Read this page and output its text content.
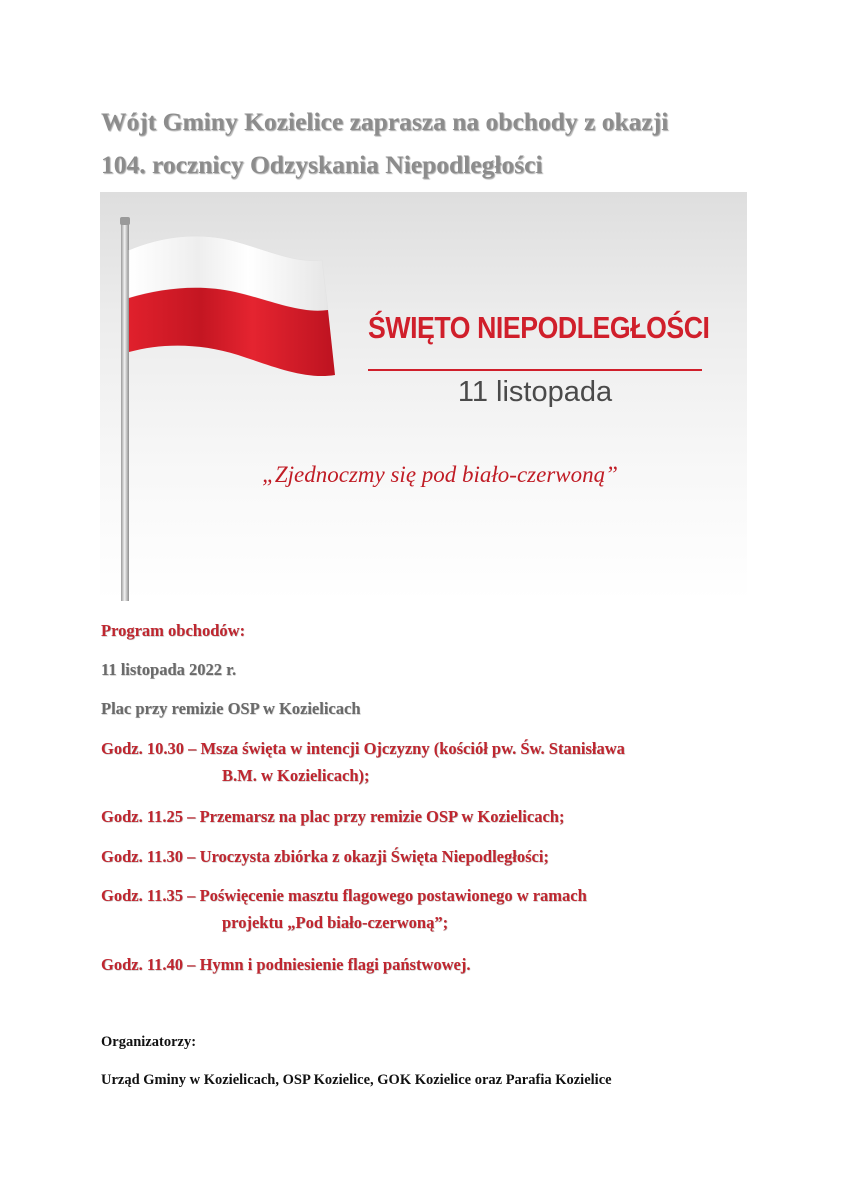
Wójt Gminy Kozielice zaprasza na obchody z okazji
104. rocznicy Odzyskania Niepodległości
ŚWIĘTO NIEPODLEGŁOŚCI
11 listopada
„Zjednoczmy się pod biało-czerwoną”
Program obchodów:
11 listopada 2022 r.
Plac przy remizie OSP w Kozielicach
Godz. 10.30 – Msza święta w intencji Ojczyzny (kościół pw. Św. Stanisława
B.M. w Kozielicach);
Godz. 11.25 – Przemarsz na plac przy remizie OSP w Kozielicach;
Godz. 11.30 – Uroczysta zbiórka z okazji Święta Niepodległości;
Godz. 11.35 – Poświęcenie masztu flagowego postawionego w ramach
projektu „Pod biało-czerwoną”;
Godz. 11.40 – Hymn i podniesienie flagi państwowej.
Organizatorzy:
Urząd Gminy w Kozielicach, OSP Kozielice, GOK Kozielice oraz Parafia Kozielice
